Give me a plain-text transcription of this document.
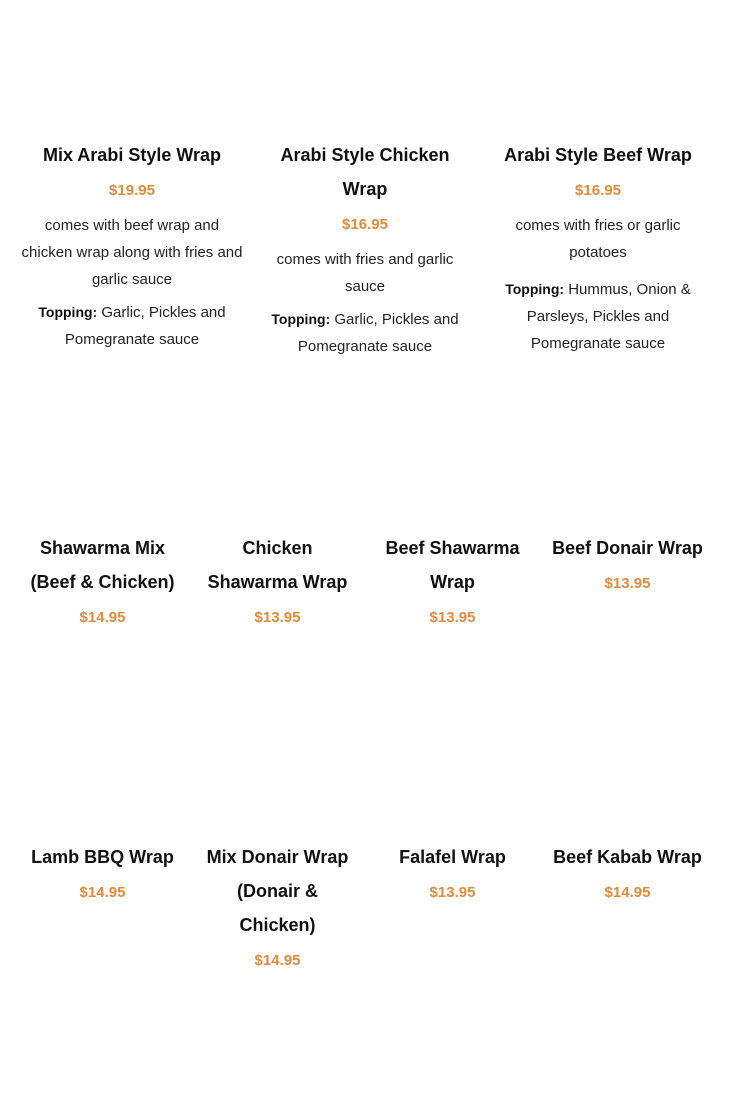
Mix Arabi Style Wrap
$19.95

comes with beef wrap and chicken wrap along with fries and garlic sauce

Topping: Garlic, Pickles and Pomegranate sauce

Arabi Style Chicken Wrap
$16.95

comes with fries and garlic sauce

Topping: Garlic, Pickles and Pomegranate sauce

Arabi Style Beef Wrap
$16.95

comes with fries or garlic potatoes

Topping: Hummus, Onion & Parsleys, Pickles and Pomegranate sauce

Shawarma Mix (Beef & Chicken)
$14.95
Chicken Shawarma Wrap
$13.95
Beef Shawarma Wrap
$13.95
Beef Donair Wrap
$13.95
Lamb BBQ Wrap
$14.95
Mix Donair Wrap (Donair & Chicken)
$14.95
Falafel Wrap
$13.95
Beef Kabab Wrap
$14.95
